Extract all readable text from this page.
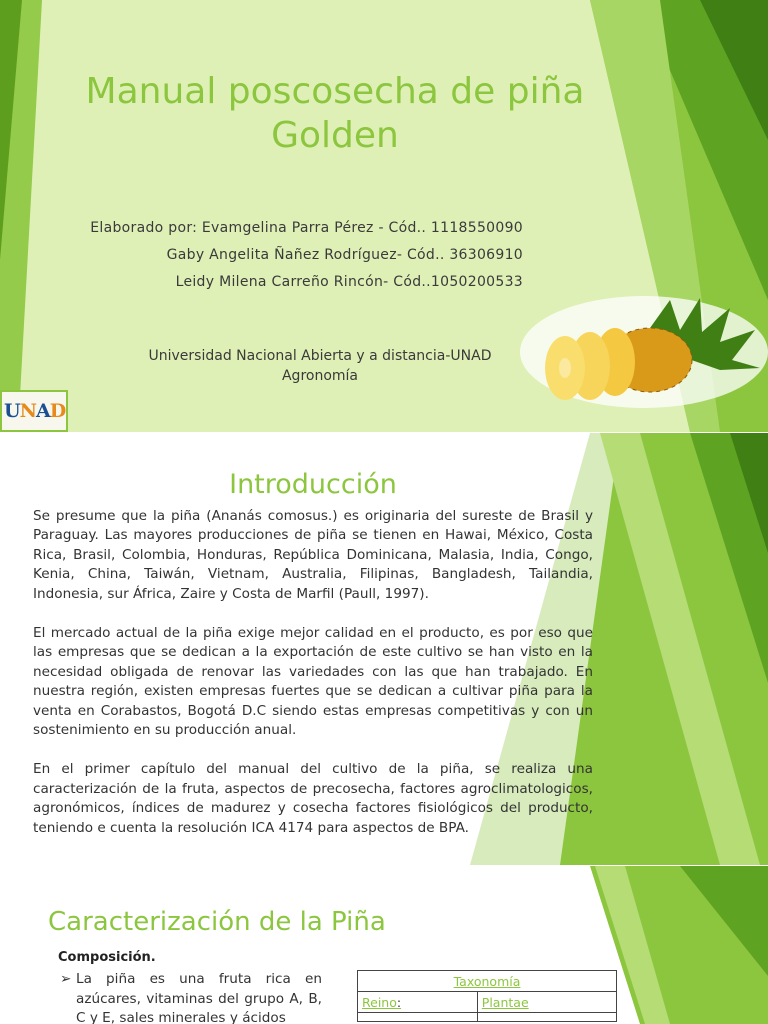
Manual poscosecha de piña Golden
Elaborado por: Evamgelina Parra Pérez - Cód.. 1118550090
Gaby Angelita Ñañez Rodríguez- Cód.. 36306910
Leidy Milena Carreño Rincón- Cód..1050200533
Universidad Nacional Abierta y a distancia-UNAD
Agronomía
UNAD
Introducción

Se presume que la piña (Ananás comosus.) es originaria del sureste de Brasil y Paraguay. Las mayores producciones de piña se tienen en Hawai, México, Costa Rica, Brasil, Colombia, Honduras, República Dominicana, Malasia, India, Congo, Kenia, China, Taiwán, Vietnam, Australia, Filipinas, Bangladesh, Tailandia, Indonesia, sur África, Zaire y Costa de Marfil (Paull, 1997).

El mercado actual de la piña exige mejor calidad en el producto, es por eso que las empresas que se dedican a la exportación de este cultivo se han visto en la necesidad obligada de renovar las variedades con las que han trabajado. En nuestra región, existen empresas fuertes que se dedican a cultivar piña para la venta en Corabastos, Bogotá D.C siendo estas empresas competitivas y con un sostenimiento en su producción anual.

En el primer capítulo del manual del cultivo de la piña, se realiza una caracterización de la fruta, aspectos de precosecha, factores agroclimatologicos, agronómicos, índices de madurez y cosecha factores fisiológicos del producto, teniendo e cuenta la resolución ICA 4174 para aspectos de BPA.

Caracterización de la Piña
Composición.
➢ La piña es una fruta rica en azúcares, vitaminas del grupo A, B, C y E, sales minerales y ácidos
Taxonomía	
Reino:	Plantae
